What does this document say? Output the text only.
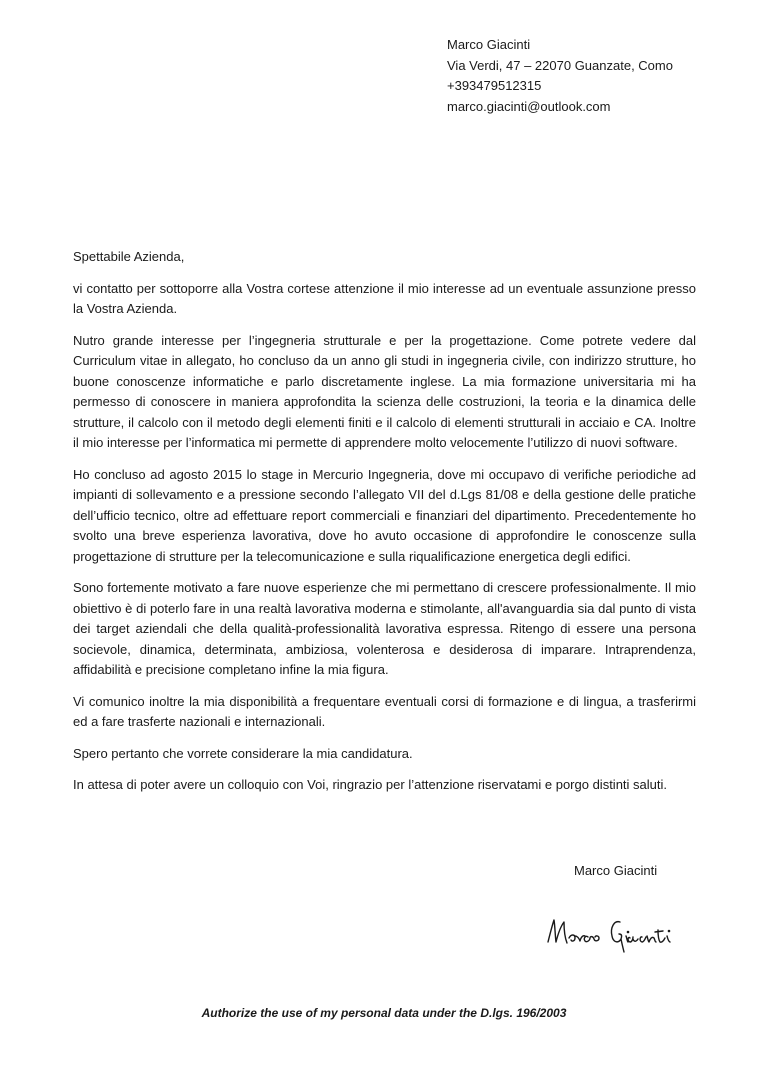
Marco Giacinti
Via Verdi, 47 – 22070 Guanzate, Como
+393479512315
marco.giacinti@outlook.com

Spettabile Azienda,

vi contatto per sottoporre alla Vostra cortese attenzione il mio interesse ad un eventuale assunzione presso la Vostra Azienda.

Nutro grande interesse per l’ingegneria strutturale e per la progettazione. Come potrete vedere dal Curriculum vitae in allegato, ho concluso da un anno gli studi in ingegneria civile, con indirizzo strutture, ho buone conoscenze informatiche e parlo discretamente inglese. La mia formazione universitaria mi ha permesso di conoscere in maniera approfondita la scienza delle costruzioni, la teoria e la dinamica delle strutture, il calcolo con il metodo degli elementi finiti e il calcolo di elementi strutturali in acciaio e CA. Inoltre il mio interesse per l’informatica mi permette di apprendere molto velocemente l’utilizzo di nuovi software.

Ho concluso ad agosto 2015 lo stage in Mercurio Ingegneria, dove mi occupavo di verifiche periodiche ad impianti di sollevamento e a pressione secondo l’allegato VII del d.Lgs 81/08 e della gestione delle pratiche dell’ufficio tecnico, oltre ad effettuare report commerciali e finanziari del dipartimento. Precedentemente ho svolto una breve esperienza lavorativa, dove ho avuto occasione di approfondire le conoscenze sulla progettazione di strutture per la telecomunicazione e sulla riqualificazione energetica degli edifici.

Sono fortemente motivato a fare nuove esperienze che mi permettano di crescere professionalmente. Il mio obiettivo è di poterlo fare in una realtà lavorativa moderna e stimolante, all'avanguardia sia dal punto di vista dei target aziendali che della qualità-professionalità lavorativa espressa. Ritengo di essere una persona socievole, dinamica, determinata, ambiziosa, volenterosa e desiderosa di imparare. Intraprendenza, affidabilità e precisione completano infine la mia figura.

Vi comunico inoltre la mia disponibilità a frequentare eventuali corsi di formazione e di lingua, a trasferirmi ed a fare trasferte nazionali e internazionali.

Spero pertanto che vorrete considerare la mia candidatura.

In attesa di poter avere un colloquio con Voi, ringrazio per l’attenzione riservatami e porgo distinti saluti.

Marco Giacinti
Authorize the use of my personal data under the D.lgs. 196/2003
